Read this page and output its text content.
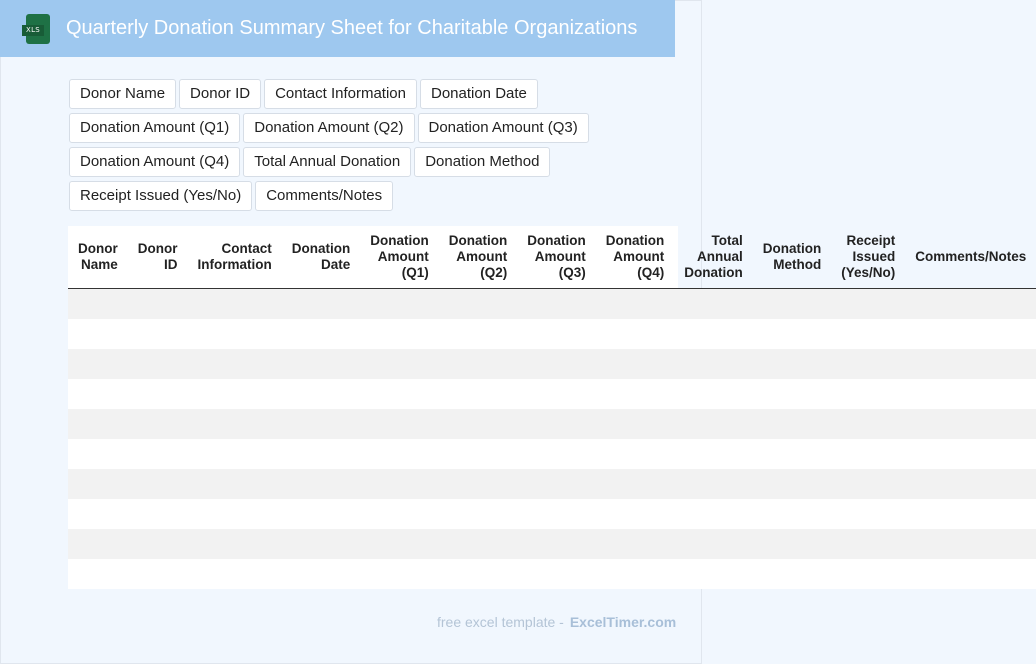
XLS Quarterly Donation Summary Sheet for Charitable Organizations
Donor Name	Donor ID	Contact Information	Donation Date
Donation Amount (Q1)	Donation Amount (Q2)	Donation Amount (Q3)
Donation Amount (Q4)	Total Annual Donation	Donation Method
Receipt Issued (Yes/No)	Comments/Notes
Donor Name	Donor ID	Contact Information	Donation Date	Donation Amount (Q1)	Donation Amount (Q2)	Donation Amount (Q3)	Donation Amount (Q4)	Total Annual Donation	Donation Method	Receipt Issued (Yes/No)	Comments/Notes

free excel template - ExcelTimer.com
